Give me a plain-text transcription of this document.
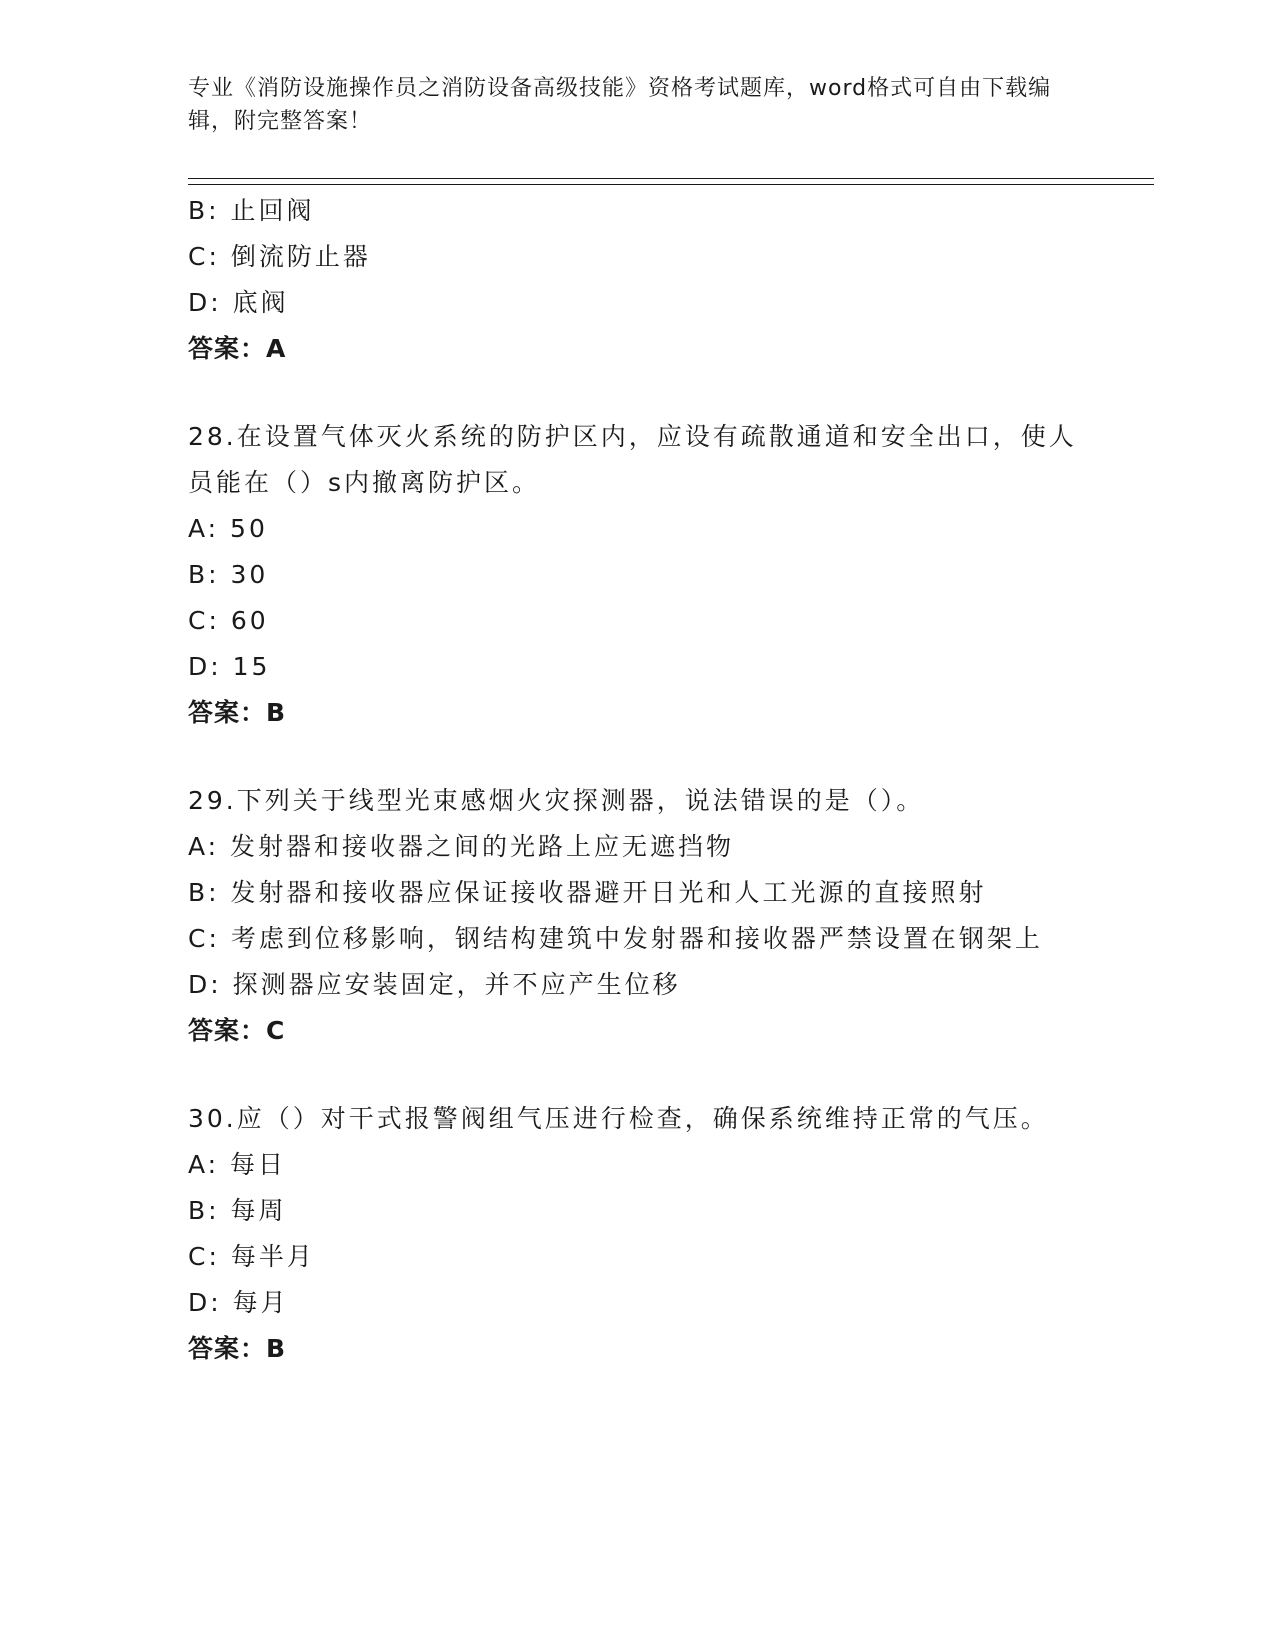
专业《消防设施操作员之消防设备高级技能》资格考试题库，word格式可自由下载编辑，附完整答案！
B: 止回阀
C: 倒流防止器
D: 底阀
答案：A
28.在设置气体灭火系统的防护区内，应设有疏散通道和安全出口，使人员能在（）s内撤离防护区。
A: 50
B: 30
C: 60
D: 15
答案：B
29.下列关于线型光束感烟火灾探测器，说法错误的是（）。
A: 发射器和接收器之间的光路上应无遮挡物
B: 发射器和接收器应保证接收器避开日光和人工光源的直接照射
C: 考虑到位移影响，钢结构建筑中发射器和接收器严禁设置在钢架上
D: 探测器应安装固定，并不应产生位移
答案：C
30.应（）对干式报警阀组气压进行检查，确保系统维持正常的气压。
A: 每日
B: 每周
C: 每半月
D: 每月
答案：B
